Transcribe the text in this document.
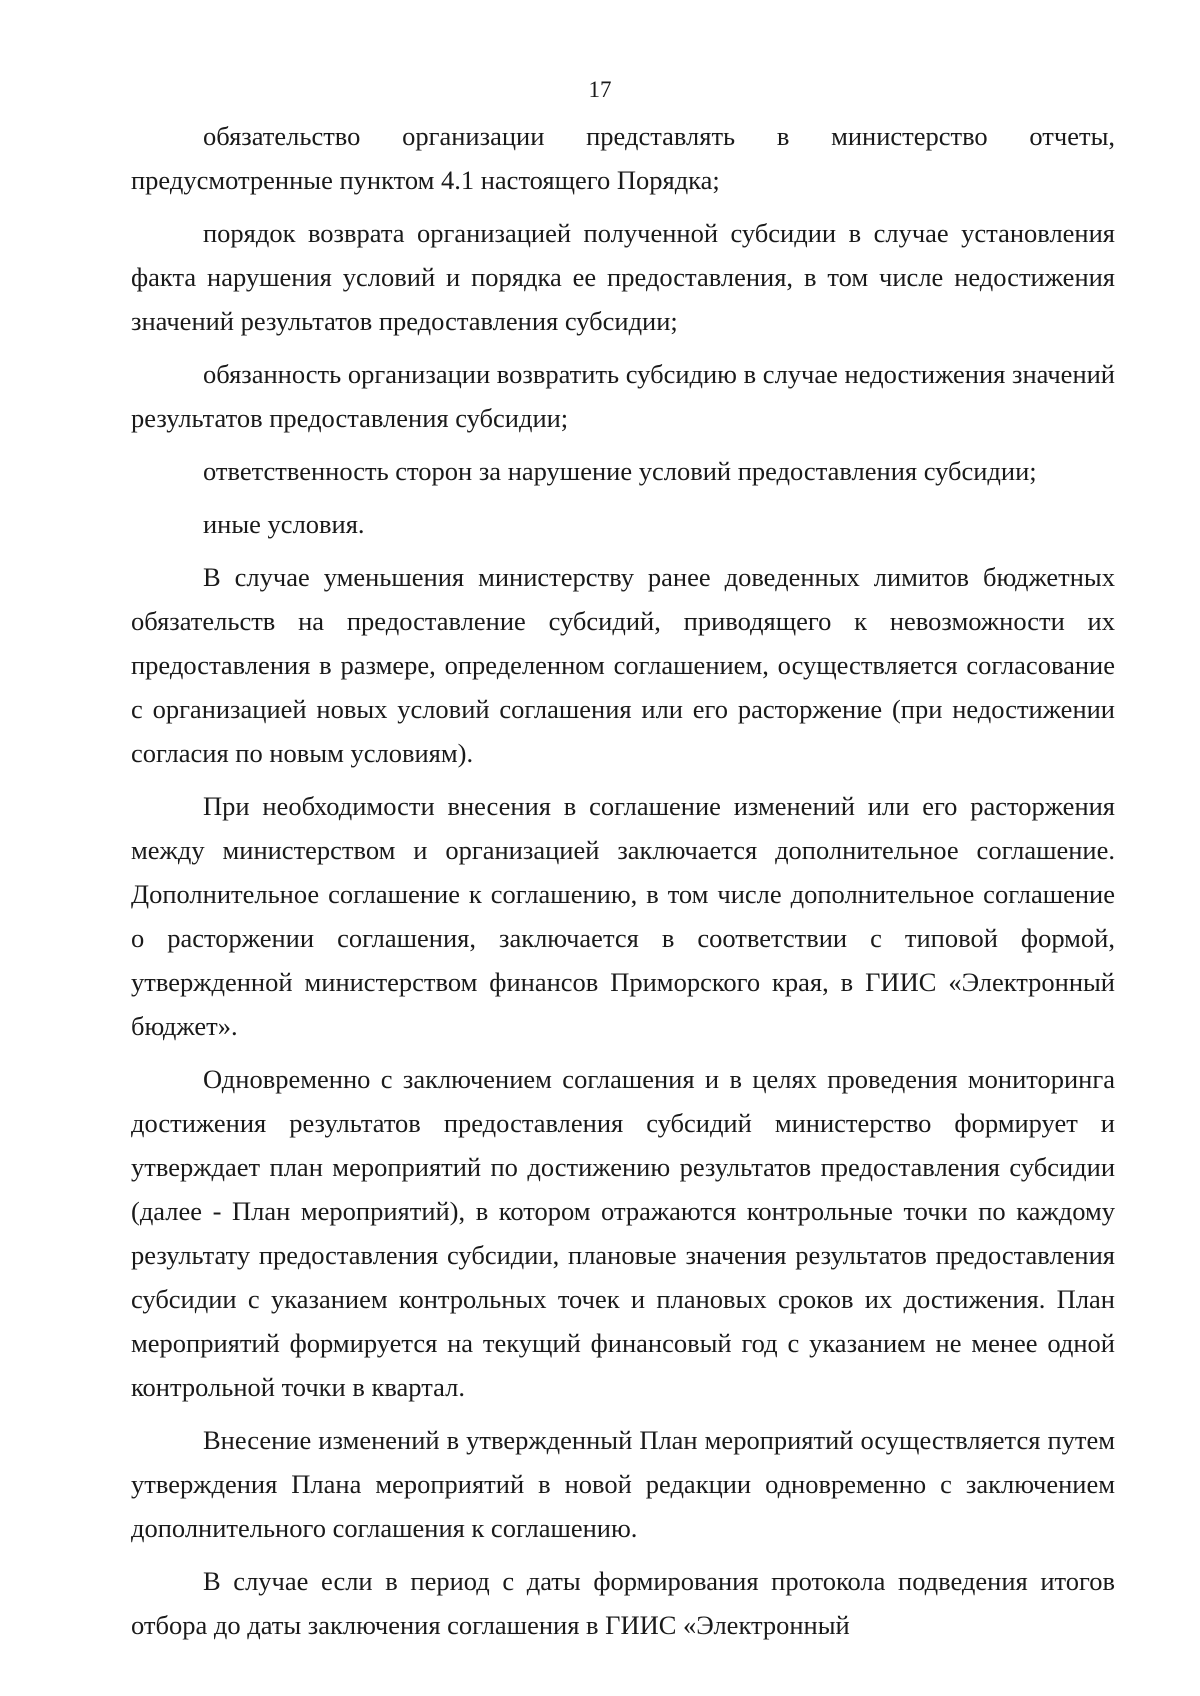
17

обязательство организации представлять в министерство отчеты, предусмотренные пунктом 4.1 настоящего Порядка;

порядок возврата организацией полученной субсидии в случае установления факта нарушения условий и порядка ее предоставления, в том числе недостижения значений результатов предоставления субсидии;

обязанность организации возвратить субсидию в случае недостижения значений результатов предоставления субсидии;

ответственность сторон за нарушение условий предоставления субсидии;

иные условия.

В случае уменьшения министерству ранее доведенных лимитов бюджетных обязательств на предоставление субсидий, приводящего к невозможности их предоставления в размере, определенном соглашением, осуществляется согласование с организацией новых условий соглашения или его расторжение (при недостижении согласия по новым условиям).

При необходимости внесения в соглашение изменений или его расторжения между министерством и организацией заключается дополнительное соглашение. Дополнительное соглашение к соглашению, в том числе дополнительное соглашение о расторжении соглашения, заключается в соответствии с типовой формой, утвержденной министерством финансов Приморского края, в ГИИС «Электронный бюджет».

Одновременно с заключением соглашения и в целях проведения мониторинга достижения результатов предоставления субсидий министерство формирует и утверждает план мероприятий по достижению результатов предоставления субсидии (далее - План мероприятий), в котором отражаются контрольные точки по каждому результату предоставления субсидии, плановые значения результатов предоставления субсидии с указанием контрольных точек и плановых сроков их достижения. План мероприятий формируется на текущий финансовый год с указанием не менее одной контрольной точки в квартал.

Внесение изменений в утвержденный План мероприятий осуществляется путем утверждения Плана мероприятий в новой редакции одновременно с заключением дополнительного соглашения к соглашению.

В случае если в период с даты формирования протокола подведения итогов отбора до даты заключения соглашения в ГИИС «Электронный
